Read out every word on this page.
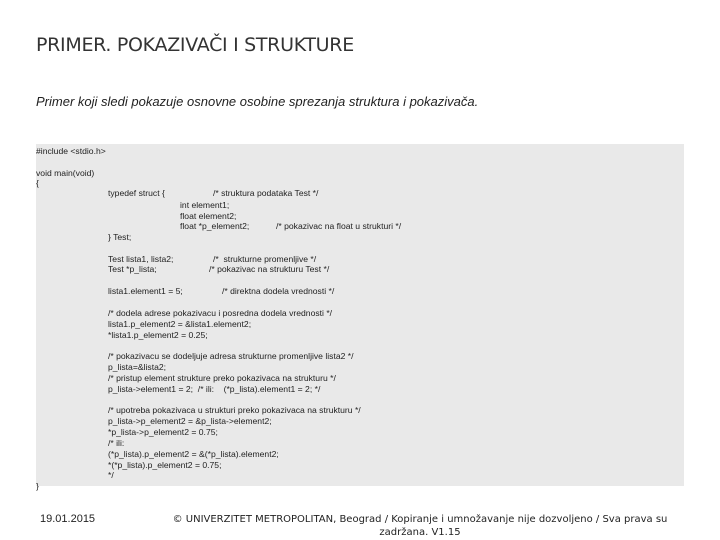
PRIMER. POKAZIVAČI I STRUKTURE
Primer koji sledi pokazuje osnovne osobine sprezanja struktura i pokazivača.
#include <stdio.h>
void main(void)
{
typedef struct {	/* struktura podataka Test */
int element1;
float element2;
float *p_element2;	/* pokazivac na float u strukturi */
} Test;
Test lista1, lista2;	/*  strukturne promenljive */
Test *p_lista;	/* pokazivac na strukturu Test */
lista1.element1 = 5;	/* direktna dodela vrednosti */
/* dodela adrese pokazivacu i posredna dodela vrednosti */
lista1.p_element2 = &lista1.element2;
*lista1.p_element2 = 0.25;
/* pokazivacu se dodeljuje adresa strukturne promenljive lista2 */
p_lista=&lista2;
/* pristup element strukture preko pokazivaca na strukturu */
p_lista->element1 = 2;  /* ili:    (*p_lista).element1 = 2; */
/* upotreba pokazivaca u strukturi preko pokazivaca na strukturu */
p_lista->p_element2 = &p_lista->element2;
*p_lista->p_element2 = 0.75;
/* ili:
(*p_lista).p_element2 = &(*p_lista).element2;
*(*p_lista).p_element2 = 0.75;
*/
}
19.01.2015	© UNIVERZITET METROPOLITAN, Beograd / Kopiranje i umnožavanje nije dozvoljeno / Sva prava su zadržana. V1.15
